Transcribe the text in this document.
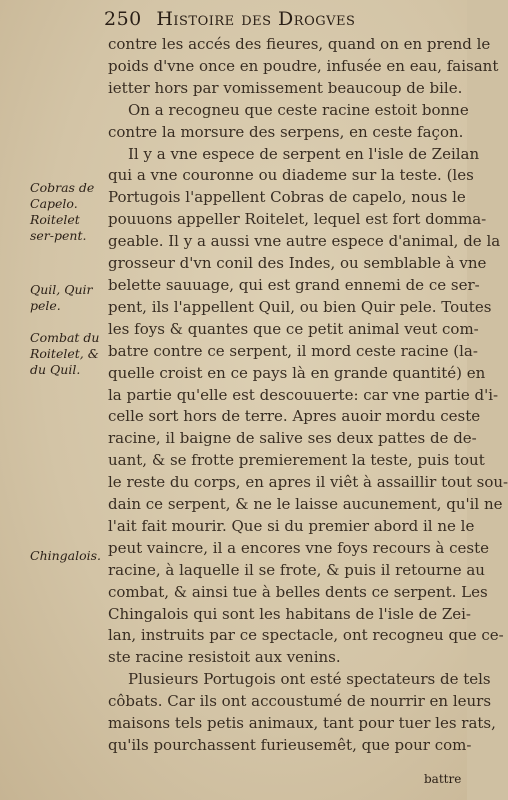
250 Histoire des Drogves
contre les accés des fieures, quand on en prend le
poids d'vne once en poudre, infusée en eau, faisant
ietter hors par vomissement beaucoup de bile.
On a recogneu que ceste racine estoit bonne
contre la morsure des serpens, en ceste façon.
Il y a vne espece de serpent en l'isle de Zeilan
qui a vne couronne ou diademe sur la teste. (les
Portugois l'appellent Cobras de capelo, nous le
pouuons appeller Roitelet, lequel est fort domma-
geable. Il y a aussi vne autre espece d'animal, de la
grosseur d'vn conil des Indes, ou semblable à vne
belette sauuage, qui est grand ennemi de ce ser-
pent, ils l'appellent Quil, ou bien Quir pele. Toutes
les foys & quantes que ce petit animal veut com-
batre contre ce serpent, il mord ceste racine (la-
quelle croist en ce pays là en grande quantité) en
la partie qu'elle est descouuerte: car vne partie d'i-
celle sort hors de terre. Apres auoir mordu ceste
racine, il baigne de salive ses deux pattes de de-
uant, & se frotte premierement la teste, puis tout
le reste du corps, en apres il viêt à assaillir tout sou-
dain ce serpent, & ne le laisse aucunement, qu'il ne
l'ait fait mourir. Que si du premier abord il ne le
peut vaincre, il a encores vne foys recours à ceste
racine, à laquelle il se frote, & puis il retourne au
combat, & ainsi tue à belles dents ce serpent. Les
Chingalois qui sont les habitans de l'isle de Zei-
lan, instruits par ce spectacle, ont recogneu que ce-
ste racine resistoit aux venins.
Plusieurs Portugois ont esté spectateurs de tels
côbats. Car ils ont accoustumé de nourrir en leurs
maisons tels petis animaux, tant pour tuer les rats,
qu'ils pourchassent furieusemêt, que pour com-
Cobras de Capelo. Roitelet ser-pent.
Quil, Quir pele.
Combat du Roitelet, & du Quil.
Chingalois.
battre
